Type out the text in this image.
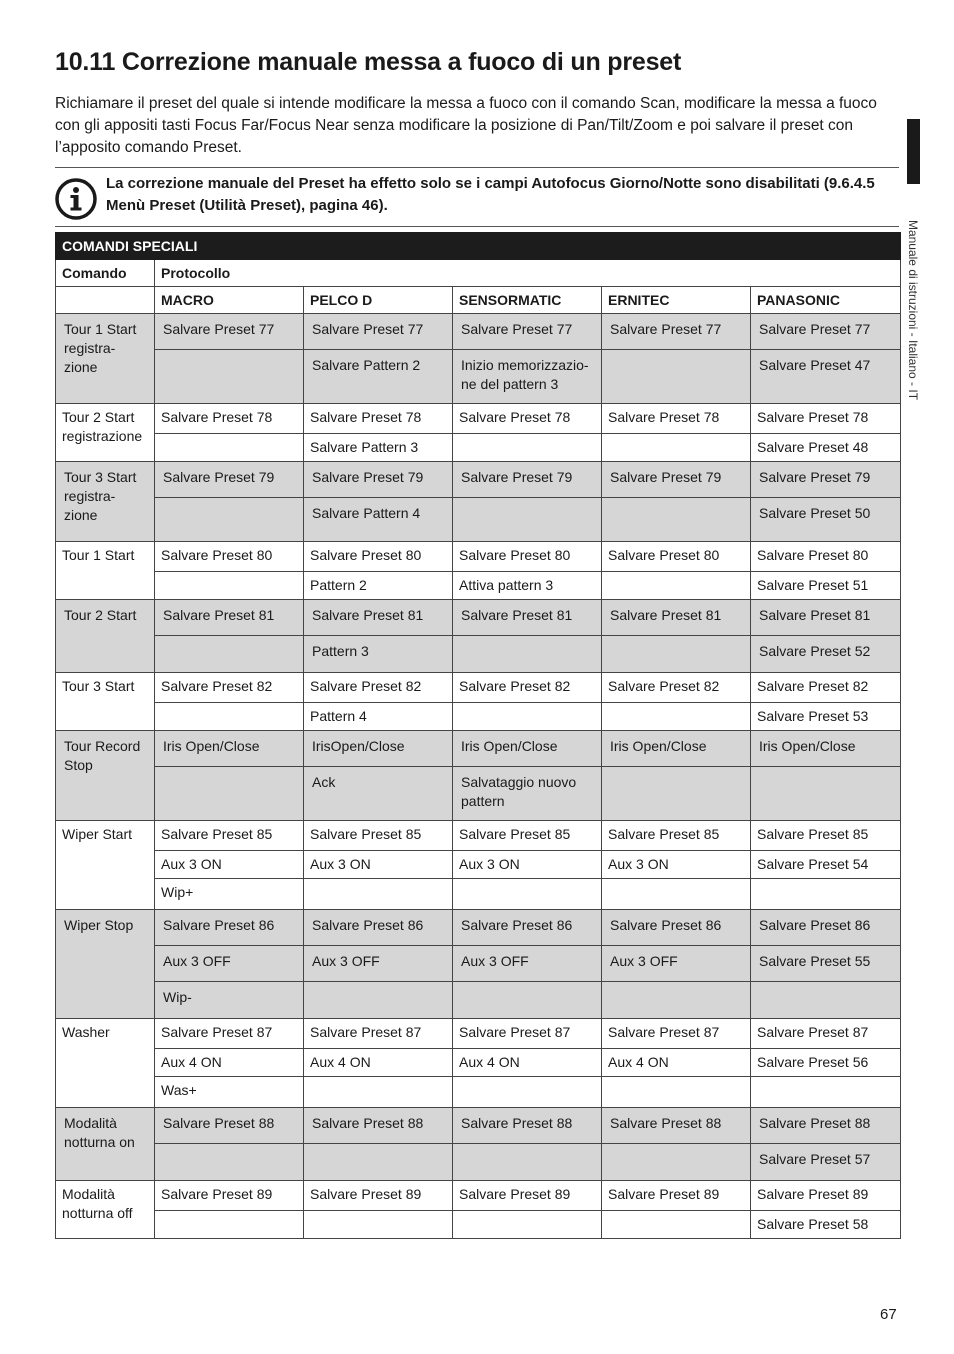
10.11 Correzione manuale messa a fuoco di un preset

Richiamare il preset del quale si intende modificare la messa a fuoco con il comando Scan, modificare la messa a fuoco con gli appositi tasti Focus Far/Focus Near senza modificare la posizione di Pan/Tilt/Zoom e poi salvare il preset con l’apposito comando Preset.

La correzione manuale del Preset ha effetto solo se i campi Autofocus Giorno/Notte sono disabilitati (9.6.4.5 Menù Preset (Utilità Preset), pagina 46).

Manuale di istruzioni - Italiano - IT
COMANDI SPECIALI					
Comando	Protocollo				
	MACRO	PELCO D	SENSORMATIC	ERNITEC	PANASONIC
Tour 1 Start registra-zione	Salvare Preset 77	Salvare Preset 77	Salvare Preset 77	Salvare Preset 77	Salvare Preset 77
		Salvare Pattern 2	Inizio memorizzazio-ne del pattern 3		Salvare Preset 47
Tour 2 Start registrazione	Salvare Preset 78	Salvare Preset 78	Salvare Preset 78	Salvare Preset 78	Salvare Preset 78
		Salvare Pattern 3			Salvare Preset 48
Tour 3 Start registra-zione	Salvare Preset 79	Salvare Preset 79	Salvare Preset 79	Salvare Preset 79	Salvare Preset 79
		Salvare Pattern 4			Salvare Preset 50
Tour 1 Start	Salvare Preset 80	Salvare Preset 80	Salvare Preset 80	Salvare Preset 80	Salvare Preset 80
		Pattern 2	Attiva pattern 3		Salvare Preset 51
Tour 2 Start	Salvare Preset 81	Salvare Preset 81	Salvare Preset 81	Salvare Preset 81	Salvare Preset 81
		Pattern 3			Salvare Preset 52
Tour 3 Start	Salvare Preset 82	Salvare Preset 82	Salvare Preset 82	Salvare Preset 82	Salvare Preset 82
		Pattern 4			Salvare Preset 53
Tour Record Stop	Iris Open/Close	IrisOpen/Close	Iris Open/Close	Iris Open/Close	Iris Open/Close
		Ack	Salvataggio nuovo pattern		
Wiper Start	Salvare Preset 85	Salvare Preset 85	Salvare Preset 85	Salvare Preset 85	Salvare Preset 85
	Aux 3 ON	Aux 3 ON	Aux 3 ON	Aux 3 ON	Salvare Preset 54
	Wip+				
Wiper Stop	Salvare Preset 86	Salvare Preset 86	Salvare Preset 86	Salvare Preset 86	Salvare Preset 86
	Aux 3 OFF	Aux 3 OFF	Aux 3 OFF	Aux 3 OFF	Salvare Preset 55
	Wip-				
Washer	Salvare Preset 87	Salvare Preset 87	Salvare Preset 87	Salvare Preset 87	Salvare Preset 87
	Aux 4 ON	Aux 4 ON	Aux 4 ON	Aux 4 ON	Salvare Preset 56
	Was+				
Modalità notturna on	Salvare Preset 88	Salvare Preset 88	Salvare Preset 88	Salvare Preset 88	Salvare Preset 88
					Salvare Preset 57
Modalità notturna off	Salvare Preset 89	Salvare Preset 89	Salvare Preset 89	Salvare Preset 89	Salvare Preset 89
					Salvare Preset 58
67
